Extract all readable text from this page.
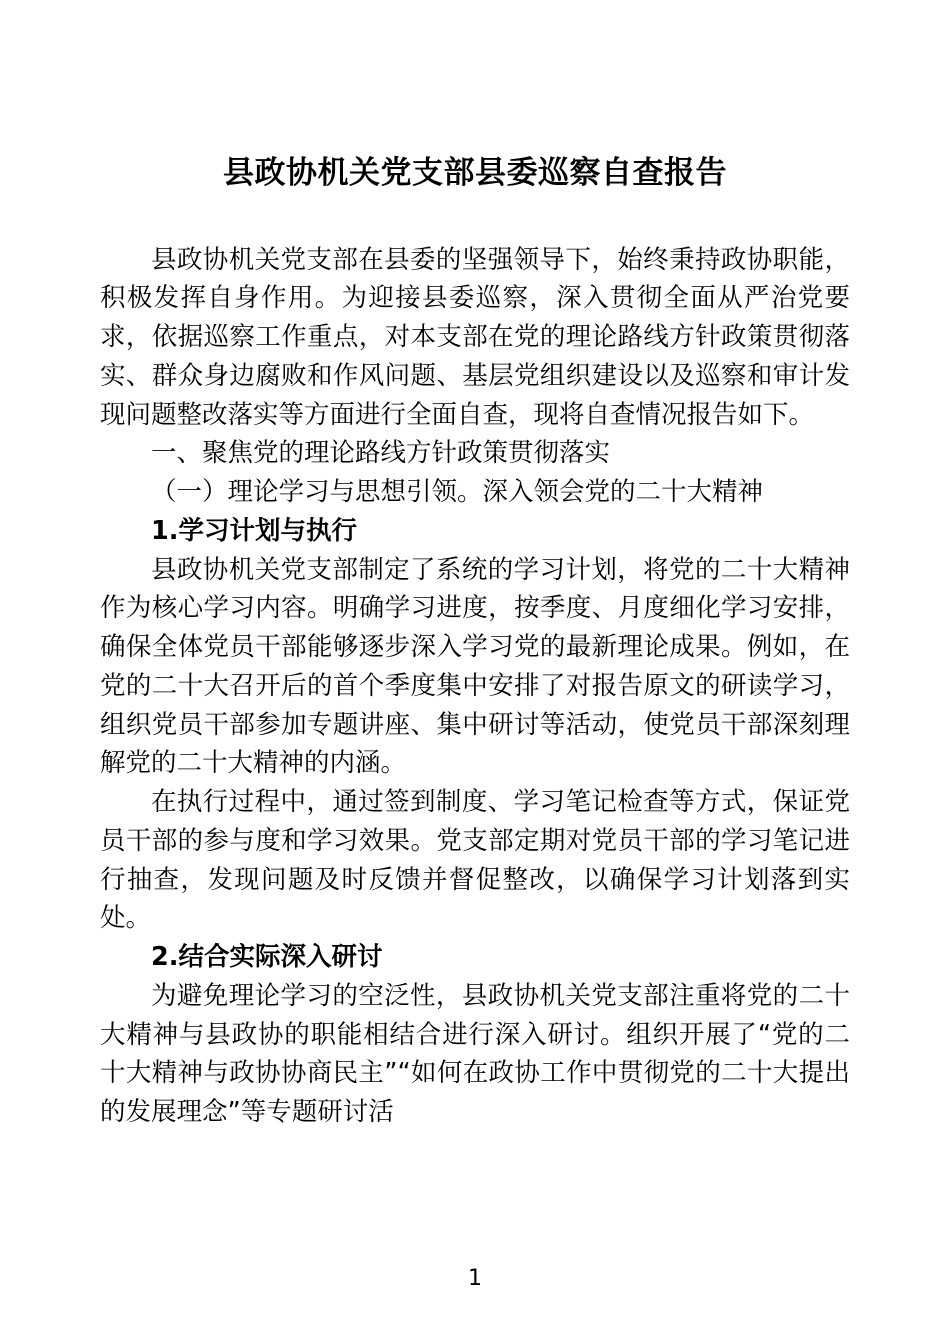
县政协机关党支部县委巡察自查报告

县政协机关党支部在县委的坚强领导下，始终秉持政协职能，积极发挥自身作用。为迎接县委巡察，深入贯彻全面从严治党要求，依据巡察工作重点，对本支部在党的理论路线方针政策贯彻落实、群众身边腐败和作风问题、基层党组织建设以及巡察和审计发现问题整改落实等方面进行全面自查，现将自查情况报告如下。

一、聚焦党的理论路线方针政策贯彻落实

（一）理论学习与思想引领。深入领会党的二十大精神

1.学习计划与执行

县政协机关党支部制定了系统的学习计划，将党的二十大精神作为核心学习内容。明确学习进度，按季度、月度细化学习安排，确保全体党员干部能够逐步深入学习党的最新理论成果。例如，在党的二十大召开后的首个季度集中安排了对报告原文的研读学习，组织党员干部参加专题讲座、集中研讨等活动，使党员干部深刻理解党的二十大精神的内涵。

在执行过程中，通过签到制度、学习笔记检查等方式，保证党员干部的参与度和学习效果。党支部定期对党员干部的学习笔记进行抽查，发现问题及时反馈并督促整改，以确保学习计划落到实处。

2.结合实际深入研讨

为避免理论学习的空泛性，县政协机关党支部注重将党的二十大精神与县政协的职能相结合进行深入研讨。组织开展了“党的二十大精神与政协协商民主”“如何在政协工作中贯彻党的二十大提出的发展理念”等专题研讨活

1
